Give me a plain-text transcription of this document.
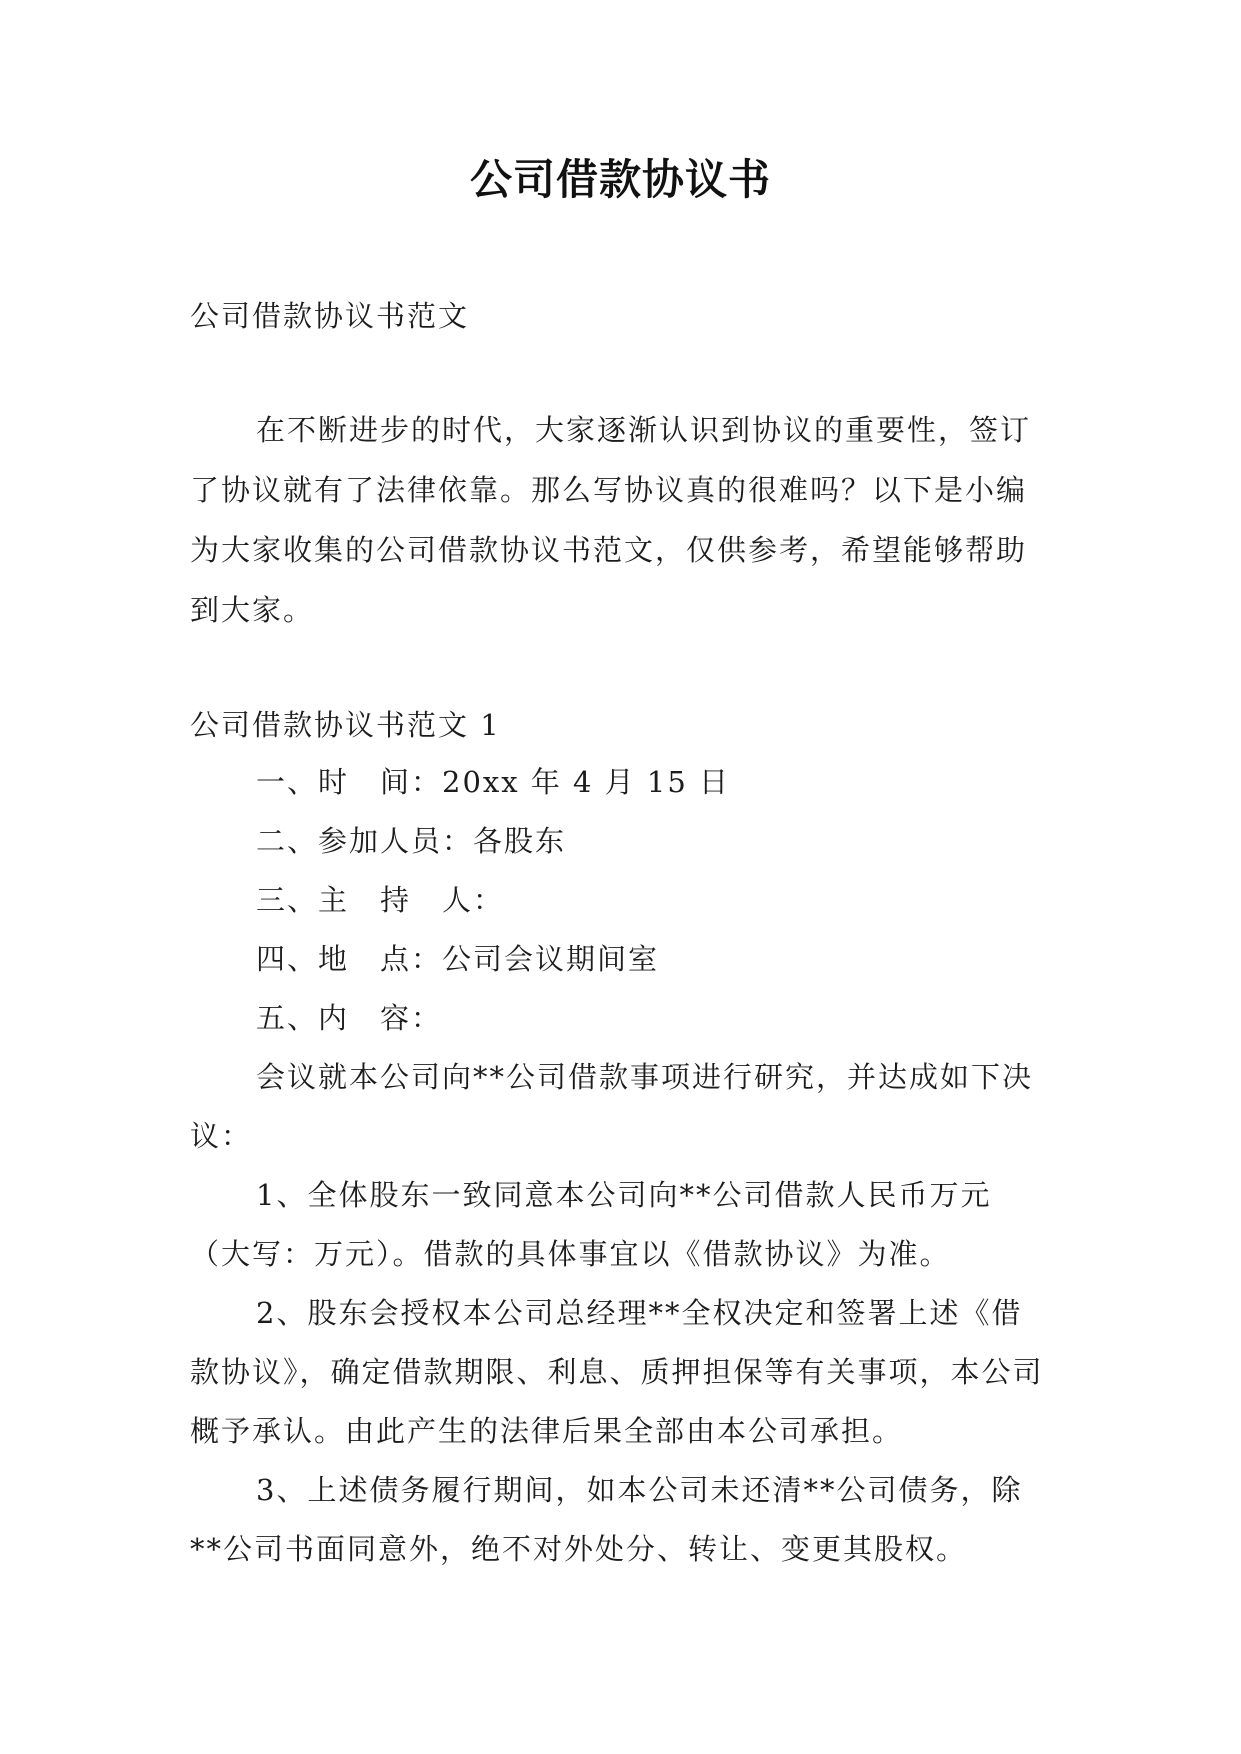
公司借款协议书
公司借款协议书范文
在不断进步的时代，大家逐渐认识到协议的重要性，签订了协议就有了法律依靠。那么写协议真的很难吗？以下是小编为大家收集的公司借款协议书范文，仅供参考，希望能够帮助到大家。
公司借款协议书范文 1

一、时　间：20xx 年 4 月 15 日

二、参加人员：各股东

三、主　持　人：

四、地　点：公司会议期间室

五、内　容：

会议就本公司向**公司借款事项进行研究，并达成如下决议：

1、全体股东一致同意本公司向**公司借款人民币万元（大写：万元）。借款的具体事宜以《借款协议》为准。

2、股东会授权本公司总经理**全权决定和签署上述《借款协议》，确定借款期限、利息、质押担保等有关事项，本公司概予承认。由此产生的法律后果全部由本公司承担。

3、上述债务履行期间，如本公司未还清**公司债务，除**公司书面同意外，绝不对外处分、转让、变更其股权。
